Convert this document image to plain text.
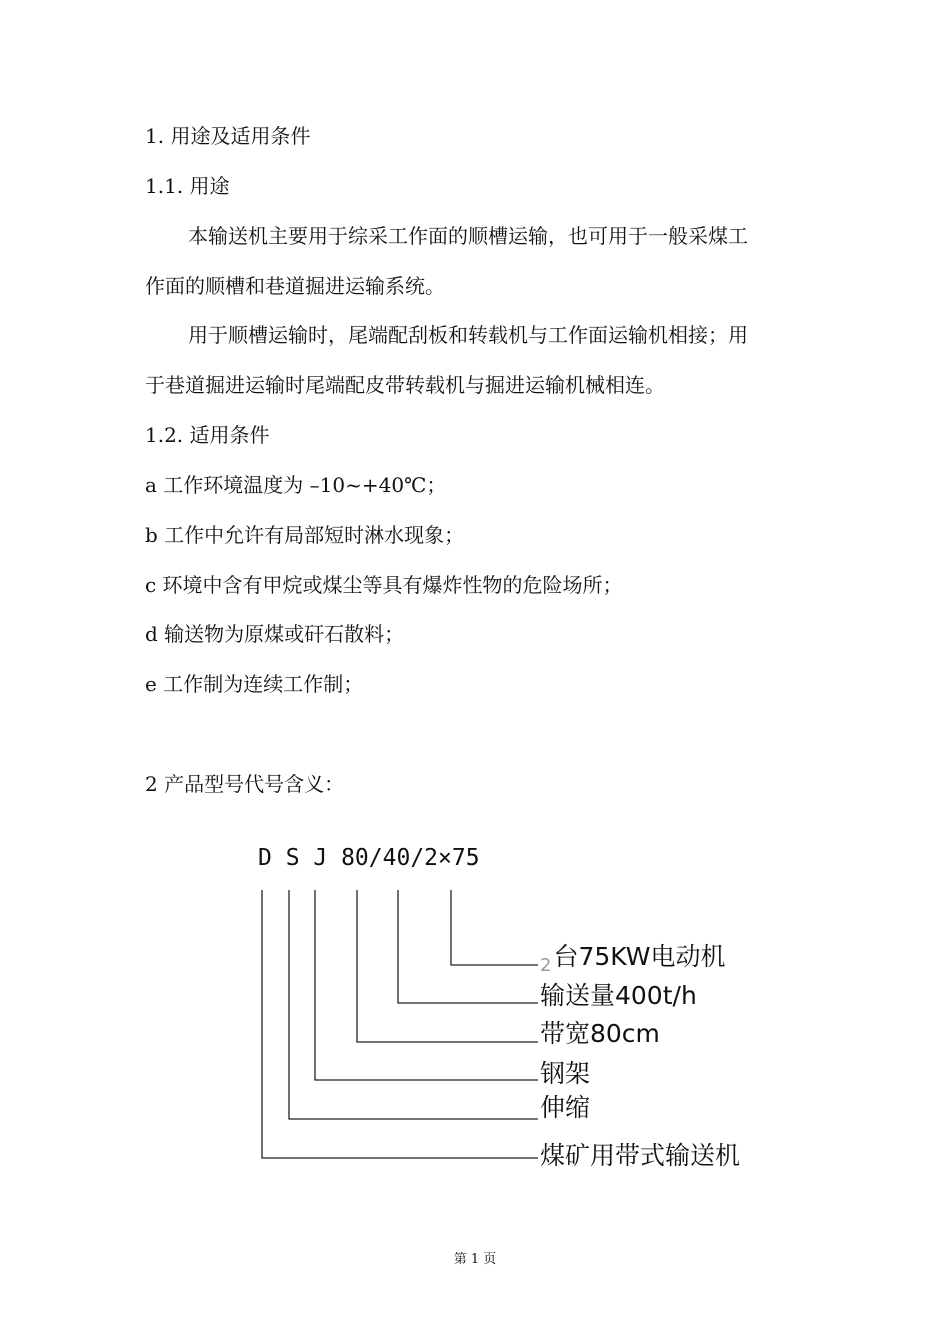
1. 用途及适用条件
1.1. 用途
本输送机主要用于综采工作面的顺槽运输，也可用于一般采煤工
作面的顺槽和巷道掘进运输系统。
用于顺槽运输时，尾端配刮板和转载机与工作面运输机相接；用
于巷道掘进运输时尾端配皮带转载机与掘进运输机械相连。
1.2. 适用条件
a 工作环境温度为 –10~+40℃；
b 工作中允许有局部短时淋水现象；
c 环境中含有甲烷或煤尘等具有爆炸性物的危险场所；
d 输送物为原煤或矸石散料；
e 工作制为连续工作制；
2 产品型号代号含义：
D S J 80/40/2×75
$_2$台75KW电动机
输送量400t/h
带宽80cm
钢架
伸缩
煤矿用带式输送机
第 1 页
